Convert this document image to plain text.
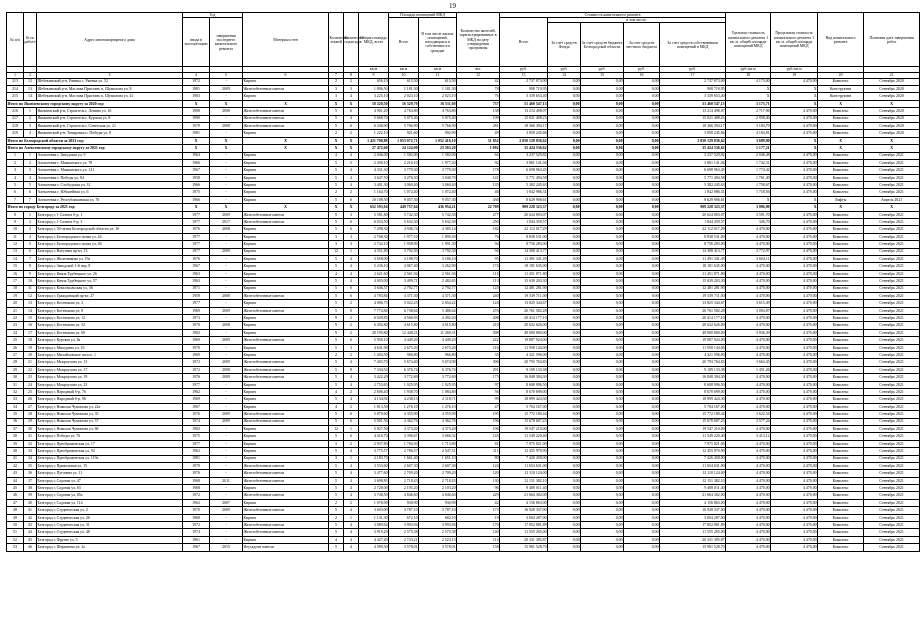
19
№ п/п	№ по работе	Адрес многоквартирного дома	Год		Материал стен	Количество этажей	Количество подъездов	Общая площадь МКД, всего	Площадь помещений МКД		Количество жителей, зарегистрированных в МКД на дату утверждения программы	Стоимость капитального ремонта					Удельная стоимость капитального ремонта 1 кв. м. общей площади помещений МКД	Предельная стоимость капитального ремонта 1 кв. м. общей площади помещений МКД	Вид капитального ремонта	Плановая дата завершения работ
			ввода в эксплуатацию	завершения последнего капитального ремонта					Всего	В том числе жилых помещений, находящихся в собственности граждан		Всего	в том числе:							
													За счет средств Фонда	За счет средств бюджета Белгородской области	За счет средств местного бюджета	За счет средств собственников помещений в МКД				
								кв.м	кв.м	кв.м	чел.	руб.	руб.	руб.	руб.	руб.	руб./кв.м	руб./кв.м		
1	2	3	4	5	6	7	8	9	10	11	12	13	14	15	16	17	18	19	20	21
213	12	Шебекинский р-н, Ржевка с, Ржевка ул, 52	1972	-	Кирпич	2	2	656,10	615,50	615,50	42	2 737 873,00	0,00	0,00	0,00	2 737 873,00	4 173,00	4 470,00	Комплекс	Сентябрь 2020
214	13	Шебекинский р-н, Маслова Пристань п, Шумилова ул, 8	1981	2009	Железобетонные панели	3	3	1 806,50	1 181,30	1 181,30	78	908 719,95	0,00	0,00	0,00	908 719,95	X	X	Конструктив	Сентябрь 2020
215	14	Шебекинский р-н, Маслова Пристань п, Шумилова ул, 41	1983	-	Кирпич	3	4	3 225,10	2 023,10	2 023,10	76	3 339 653,40	0,00	0,00	0,00	3 339 653,40	X	X	Конструктив	Сентябрь 2020
Итого по Яковлевскому городскому округу за 2020 год:			X	X	X	X	X	18 220,50	16 529,70	16 511,60	737	51 460 547,13	0,00	0,00	0,00	51 460 547,13	3 173,71	X	X	X
216	1	Яковлевский р-н, Строитель г, Ленина ул, 16	1988	2008	Железобетонные панели	5	6	4 901,20	4 763,80	4 763,80	138	13 214 498,07	0,00	0,00	0,00	13 214 498,07	2 717,96	4 470,00	Комплекс	Сентябрь 2020
217	2	Яковлевский р-н, Строитель г, Курская ул, 8	1990	-	Железобетонные панели	5	4	5 668,70	5 075,40	5 075,40	109	15 021 408,23	0,00	0,00	0,00	15 021 408,23	2 958,40	4 470,00	Комплекс	Сентябрь 2020
218	3	Яковлевский р-н, Строитель г, Советская ул, 21	1979	2008	Железобетонные панели	5	6	6 336,90	5 766,90	5 766,90	281	18 366 394,17	0,00	0,00	0,00	18 366 394,17	3 184,79	4 470,00	Комплекс	Сентябрь 2020
219	4	Яковлевский р-н, Томаровка п, Победы ул, 8	1981	-	Кирпич	2	2	1 222,10	921,60	902,90	49	3 858 245,66	0,00	0,00	0,00	3 858 245,66	4 164,81	4 470,00	Комплекс	Сентябрь 2020
Итого по Белгородской области за 2021 год:			X	X	X	X	X	1 421 708,88	1 053 072,71	1 052 416,10	51 852	2 050 129 836,62	0,00	0,00	0,00	2 050 129 836,62	3 689,90	X	X	X
Итого по Алексеевскому городскому округу за 2021 год:			X	X	X	X	X	27 472,60	24 124,00	23 563,20	1 092	35 424 536,62	0,00	0,00	0,00	35 424 536,62	1 177,21	X	X	X
1	1	Алексеевка г, Заводская ул, 9	1964	-	Кирпич	4	4	2 046,00	1 582,00	1 582,00	64	3 237 529,82	0,00	0,00	0,00	3 237 529,82	2 046,48	4 470,00	Комплекс	Сентябрь 2021
2	2	Алексеевка г, Маяковского ул, 78	1966	-	Кирпич	5	5	2 458,10	2 216,10	1 977,20	92	3 861 141,04	0,00	0,00	0,00	3 861 141,04	1 742,31	4 470,00	Комплекс	Сентябрь 2021
3	3	Алексеевка г, Маяковского ул, 121	1967	-	Кирпич	5	4	4 331,30	3 779,30	3 779,30	178	6 698 963,45	0,00	0,00	0,00	6 698 963,45	1 774,42	4 470,00	Комплекс	Сентябрь 2021
4	4	Алексеевка г, Победы ул, 84	1958	-	Кирпич	5	4	3 647,50	3 276,50	3 040,70	141	5 771 494,58	0,00	0,00	0,00	5 771 494,58	1 761,49	4 470,00	Комплекс	Сентябрь 2021
5	5	Алексеевка г, Слободская ул, 31	1966	-	Кирпич	5	4	3 401,30	3 060,40	3 060,40	135	5 382 245,63	0,00	0,00	0,00	5 382 245,63	1 758,67	4 470,00	Комплекс	Сентябрь 2021
6	6	Алексеевка г, Юбилейная ул, 6	1975	-	Кирпич	2	2	1 164,70	1 072,40	1 072,40	46	1 842 986,31	0,00	0,00	0,00	1 842 986,31	1 718,56	4 470,00	Комплекс	Сентябрь 2021
7	7	Алексеевка г, Республиканская ул, 76	1966	-	Кирпич	5	6	10 108,50	9 057,30	9 057,30	436	8 629 906,61	0,00	0,00	0,00	8 629 906,61	X	X	Лифты	Апрель 2021
Итого по городу Белгороду за 2021 год:			X	X	X	X	X	652 593,04	449 757,64	436 954,21	22 709	909 228 323,37	0,00	0,00	0,00	909 228 323,37	3 986,80	X	X	X
8	1	Белгород г, 1 Салюта б-р, 1	1977	2009	Железобетонные панели	9	3	5 581,80	5 742,30	5 742,30	277	20 624 803,07	0,00	0,00	0,00	20 624 803,07	3 591,70	4 470,00	Комплекс	Сентябрь 2021
9	2	Белгород г, 1 Салюта б-р, 3	1977	2017	Железобетонные панели	5	6	6 033,50	5 632,30	5 632,30	250	1 844 359,57	0,00	0,00	0,00	1 844 359,57	326,70	4 470,00	Комплекс	Сентябрь 2021
10	3	Белгород г, 50-летия Белгородской области ул, 16	1976	2008	Кирпич	5	6	7 298,30	4 946,74	4 385,14	182	22 112 017,29	0,00	0,00	0,00	22 112 017,29	4 470,00	4 470,00	Комплекс	Сентябрь 2021
11	4	Белгород г, Белгородского полка ул, 44	1977	-	Кирпич	3	3	2 768,30	1 977,10	1 890,30	76	8 838 531,00	0,00	0,00	0,00	8 838 531,00	4 470,00	4 470,00	Комплекс	Сентябрь 2021
12	5	Белгород г, Белгородского полка ул, 46	1977	-	Кирпич	3	3	2 742,10	1 958,90	1 991,30	94	8 756 283,00	0,00	0,00	0,00	8 756 283,00	4 470,00	4 470,00	Комплекс	Сентябрь 2021
13	6	Белгород г, Ватутина пр-кт, 13	1977	2009	Кирпич	12	1	4 351,80	3 792,30	3 792,30	94	14 308 413,77	0,00	0,00	0,00	14 308 413,77	3 772,97	4 470,00	Комплекс	Сентябрь 2021
14	7	Белгород г, Железнякова ул, 19а	1976	-	Кирпич	5	4	3 658,00	3 188,70	3 186,10	95	11 491 341,49	0,00	0,00	0,00	11 491 341,49	3 604,11	4 470,00	Комплекс	Сентябрь 2021
15	8	Белгород г, Заводской 1-й пер, 8	1967	-	Кирпич	5	4	5 236,10	4 067,40	3 262,90	174	18 181 635,00	0,00	0,00	0,00	18 181 635,00	4 470,00	4 470,00	Комплекс	Сентябрь 2021
16	9	Белгород г, Князя Трубецкого ул, 26	1963	-	Кирпич	4	4	2 621,60	2 561,94	2 561,94	114	11 451 871,80	0,00	0,00	0,00	11 451 871,80	4 470,00	4 470,00	Комплекс	Сентябрь 2021
17	10	Белгород г, Князя Трубецкого ул, 57	1963	-	Кирпич	5	4	4 003,00	3 499,71	2 482,65	113	15 639 203,30	0,00	0,00	0,00	15 639 203,30	4 470,00	4 470,00	Комплекс	Сентябрь 2021
18	11	Белгород г, Комсомольская ул, 36	1971	-	Кирпич	5	6	3 646,57	2 792,77	2 792,77	125	12 481 281,90	0,00	0,00	0,00	12 481 281,90	4 470,00	4 470,00	Комплекс	Сентябрь 2021
19	12	Белгород г, Гражданский пр-кт, 27	1959	2008	Железобетонные панели	5	6	4 783,84	4 371,30	4 371,30	240	19 539 711,00	0,00	0,00	0,00	19 539 711,00	4 470,00	4 470,00	Комплекс	Сентябрь 2021
20	13	Белгород г, Костюкова ул, 2	1977	-	Кирпич	5	2	4 006,75	3 022,25	2 654,22	124	13 825 344,67	0,00	0,00	0,00	13 825 344,67	3 615,49	4 470,00	Комплекс	Сентябрь 2021
21	14	Белгород г, Костюкова ул, 8	1969	2009	Железобетонные панели	5	8	7 774,84	6 738,64	5 486,64	276	20 761 582,28	0,00	0,00	0,00	20 761 582,28	3 094,87	4 470,00	Комплекс	Сентябрь 2021
22	15	Белгород г, Костюкова ул, 12	1973	-	Кирпич	9	2	6 029,83	4 566,93	4 492,20	208	20 414 177,10	0,00	0,00	0,00	20 414 177,10	4 470,00	4 470,00	Комплекс	Сентябрь 2021
23	16	Белгород г, Костюкова ул, 52	1970	2008	Кирпич	9	2	6 492,80	4 615,80	4 615,80	210	20 632 626,00	0,00	0,00	0,00	20 632 626,00	4 470,00	4 470,00	Комплекс	Сентябрь 2021
24	17	Белгород г, Костюкова ул, 69	1982	-	Кирпич	9	2	20 195,80	12 448,21	11 269,31	508	49 000 800,00	0,00	0,00	0,00	49 000 800,00	3 936,39	4 470,00	Комплекс	Сентябрь 2021
25	18	Белгород г, Курская ул, 8а	1969	2009	Железобетонные панели	5	6	5 958,10	4 449,20	4 449,20	222	19 887 924,00	0,00	0,00	0,00	19 887 924,00	4 470,00	4 470,00	Комплекс	Сентябрь 2021
26	19	Белгород г, Мичурина ул, 16	1970	-	Кирпич	5	3	4 641,90	2 675,20	2 675,20	116	11 958 144,00	0,00	0,00	0,00	11 958 144,00	4 470,00	4 470,00	Комплекс	Сентябрь 2021
27	20	Белгород г, Михайловское шоссе, 1	1969	-	Кирпич	2	2	1 404,50	966,80	966,80	35	4 321 596,00	0,00	0,00	0,00	4 321 596,00	4 470,00	4 470,00	Комплекс	Сентябрь 2021
28	21	Белгород г, Мокроусова ул, 13	1972	2009	Железобетонные панели	5	4	7 403,70	5 674,40	5 674,90	306	20 793 764,83	0,00	0,00	0,00	20 793 764,83	3 664,45	4 470,00	Комплекс	Сентябрь 2021
29	22	Белгород г, Мокроусова ул, 17	1972	2008	Железобетонные панели	5	8	7 334,54	6 376,74	6 376,74	291	9 109 133,38	0,00	0,00	0,00	9 109 133,38	1 451,26	4 470,00	Комплекс	Сентябрь 2021
30	23	Белгород г, Мокроусова ул, 19	1976	2009	Железобетонные панели	5	4	3 422,20	3 772,69	3 772,69	175	16 848 394,30	0,00	0,00	0,00	16 848 394,30	4 470,00	4 470,00	Комплекс	Сентябрь 2021
31	24	Белгород г, Мокроусова ул, 23	1977	-	Кирпич	5	4	2 753,65	1 925,95	1 925,95	97	8 608 996,50	0,00	0,00	0,00	8 608 996,50	4 470,00	4 470,00	Комплекс	Сентябрь 2021
32	25	Белгород г, Народный б-р, 76	1962	-	Кирпич	4	2	2 606,40	1 938,70	1 084,80	56	8 670 699,00	0,00	0,00	0,00	8 670 699,00	4 470,00	4 470,00	Комплекс	Сентябрь 2021
33	26	Белгород г, Народный б-р, 96	1969	-	Кирпич	5	4	4 134,92	4 238,13	2 118,71	99	18 899 424,30	0,00	0,00	0,00	18 899 424,30	4 470,00	4 470,00	Комплекс	Сентябрь 2021
34	27	Белгород г, Николая Чумичова ул, 22а	1967	-	Кирпич	4	2	1 813,50	1 276,10	1 276,10	47	5 704 167,00	0,00	0,00	0,00	5 704 167,00	4 470,00	4 470,00	Комплекс	Сентябрь 2021
35	28	Белгород г, Николая Чумичова ул, 35	1976	2009	Железобетонные панели	5	6	5 870,60	4 355,90	4 355,90	195	15 772 180,44	0,00	0,00	0,00	15 772 180,44	3 622,54	4 470,00	Комплекс	Сентябрь 2021
36	29	Белгород г, Николая Чумичова ул, 57	1974	2009	Железобетонные панели	5	6	5 901,56	4 362,76	4 362,76	196	15 678 607,23	0,00	0,00	0,00	15 678 607,23	3 577,24	4 470,00	Комплекс	Сентябрь 2021
37	30	Белгород г, Николая Чумичова ул, 68	1982	-	Кирпич	12	1	5 927,50	4 373,20	4 373,20	196	19 547 210,00	0,00	0,00	0,00	19 547 210,00	4 470,00	4 470,00	Комплекс	Сентябрь 2021
38	31	Белгород г, Победы ул, 76	1975	-	Кирпич	5	6	4 416,70	3 396,67	3 066,32	143	11 549 220,40	0,00	0,00	0,00	11 549 220,40	3 413,12	4 470,00	Комплекс	Сентябрь 2021
39	32	Белгород г, Преображенская ул, 17	1977	-	Кирпич	3	2	2 937,80	1 784,30	1 713,80	81	7 975 821,00	0,00	0,00	0,00	7 975 821,00	4 470,00	4 470,00	Комплекс	Сентябрь 2021
40	33	Белгород г, Преображенская ул, 92	1962	-	Кирпич	5	4	3 775,57	2 786,57	2 547,51	111	12 455 970,90	0,00	0,00	0,00	12 455 970,90	4 470,00	4 470,00	Комплекс	Сентябрь 2021
41	34	Белгород г, Преображенская ул, 119а	1981	-	Кирпич	3	1	2 183,70	1 661,40	1 651,10	80	7 426 458,00	0,00	0,00	0,00	7 426 458,00	4 470,00	4 470,00	Комплекс	Сентябрь 2021
42	35	Белгород г, Привольная ул, 15	1979	-	Железобетонные панели	5	4	3 533,60	2 607,30	2 607,30	124	11 654 631,00	0,00	0,00	0,00	11 654 631,00	4 470,00	4 470,00	Комплекс	Сентябрь 2021
43	36	Белгород г, Пугачева ул, 11	1976	-	Железобетонные панели	5	4	3 477,60	2 709,20	2 709,20	120	12 110 124,00	0,00	0,00	0,00	12 110 124,00	4 470,00	4 470,00	Комплекс	Сентябрь 2021
44	37	Белгород г, Садовая ул, 47	1968	2011	Железобетонные панели	5	4	3 698,83	2 718,43	2 718,43	130	12 151 382,10	0,00	0,00	0,00	12 151 382,10	4 470,00	4 470,00	Комплекс	Сентябрь 2021
45	38	Белгород г, Садовая ул, 63	1968	-	Кирпич	5	4	2 720,00	2 105,20	2 103,20	96	9 408 011,40	0,00	0,00	0,00	9 408 011,40	4 470,00	4 470,00	Комплекс	Сентябрь 2021
46	39	Белгород г, Садовая ул, 65а	1972	-	Железобетонные панели	5	4	3 740,50	4 846,60	4 846,60	229	21 664 302,00	0,00	0,00	0,00	21 664 302,00	4 470,00	4 470,00	Комплекс	Сентябрь 2021
47	40	Белгород г, Садовая ул, 114	1962	2007	Кирпич	2	2	1 076,90	930,90	930,90	42	4 156 863,00	0,00	0,00	0,00	4 156 863,00	4 470,00	4 470,00	Комплекс	Сентябрь 2021
48	41	Белгород г, Студенческая ул, 2	1970	2009	Железобетонные панели	5	4	3 603,00	3 787,10	3 787,10	173	16 928 337,00	0,00	0,00	0,00	16 928 337,00	4 470,00	4 470,00	Комплекс	Сентябрь 2021
49	42	Белгород г, Студенческая ул, 26	1968	-	Кирпич	2	1	1 131,30	672,10	682,10	19	3 004 287,00	0,00	0,00	0,00	3 004 287,00	4 470,00	4 470,00	Комплекс	Сентябрь 2021
50	43	Белгород г, Студенческая ул, 31	1972	-	Железобетонные панели	5	4	3 889,64	3 993,94	3 993,94	170	17 852 881,89	0,00	0,00	0,00	17 852 881,89	4 470,00	4 470,00	Комплекс	Сентябрь 2021
51	44	Белгород г, Студенческая ул, 48	1974	-	Железобетонные панели	5	4	3 919,29	2 575,38	2 575,38	140	11 555 265,00	0,00	0,00	0,00	11 555 265,00	4 470,00	4 470,00	Комплекс	Сентябрь 2021
52	45	Белгород г, Фрунзе ул, 5	1961	-	Кирпич	4	4	4 427,40	2 733,21	2 523,13	114	20 331 385,87	0,00	0,00	0,00	20 331 385,87	4 470,00	4 470,00	Комплекс	Сентябрь 2021
53	46	Белгород г, Шершнева ул, 2а	1967	2015	Неусадочн панели	5	4	4 589,30	3 578,01	3 578,01	158	15 961 528,70	0,00	0,00	0,00	15 961 528,70	4 470,00	4 470,00	Комплекс	Сентябрь 2021
